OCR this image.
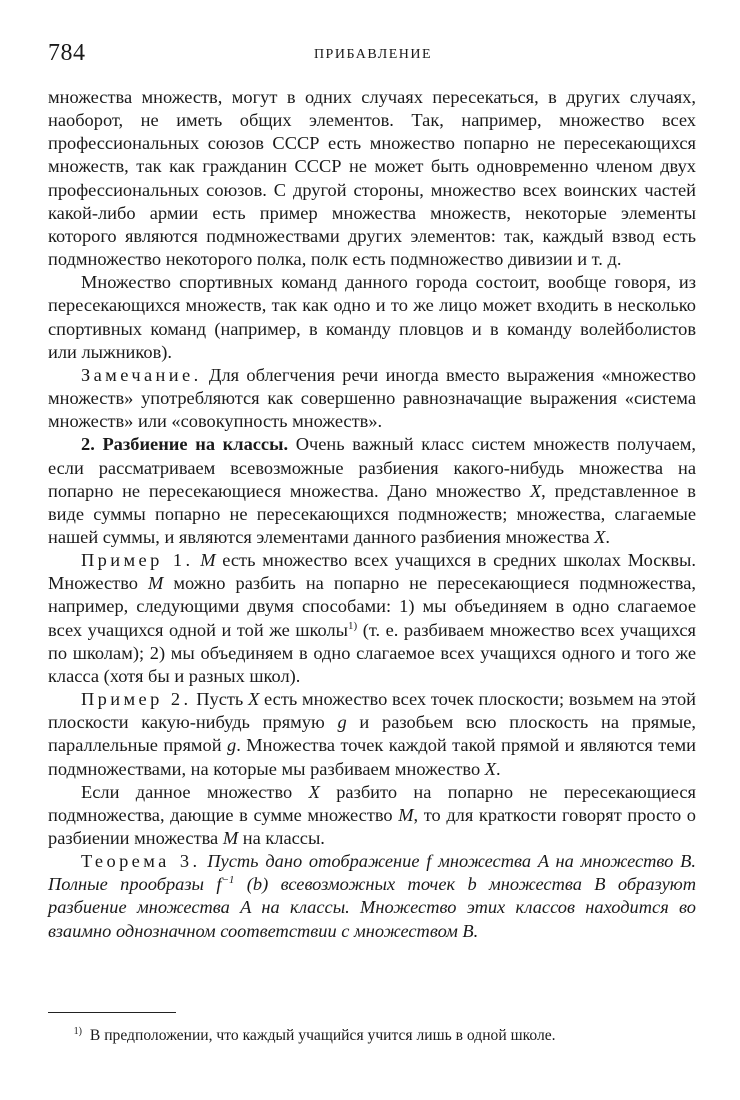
784	ПРИБАВЛЕНИЕ

множества множеств, могут в одних случаях пересекаться, в других случаях, наоборот, не иметь общих элементов. Так, например, множество всех профессиональных союзов СССР есть множество попарно не пересекающихся множеств, так как гражданин СССР не может быть одновременно членом двух профессиональных союзов. С другой стороны, множество всех воинских частей какой-либо армии есть пример множества множеств, некоторые элементы которого являются подмножествами других элементов: так, каждый взвод есть подмножество некоторого полка, полк есть подмножество дивизии и т. д.

Множество спортивных команд данного города состоит, вообще говоря, из пересекающихся множеств, так как одно и то же лицо может входить в несколько спортивных команд (например, в команду пловцов и в команду волейболистов или лыжников).

Замечание. Для облегчения речи иногда вместо выражения «множество множеств» употребляются как совершенно равнозначащие выражения «система множеств» или «совокупность множеств».

2. Разбиение на классы. Очень важный класс систем множеств получаем, если рассматриваем всевозможные разбиения какого-нибудь множества на попарно не пересекающиеся множества. Дано множество X, представленное в виде суммы попарно не пересекающихся подмножеств; множества, слагаемые нашей суммы, и являются элементами данного разбиения множества X.

Пример 1. M есть множество всех учащихся в средних школах Москвы. Множество M можно разбить на попарно не пересекающиеся подмножества, например, следующими двумя способами: 1) мы объединяем в одно слагаемое всех учащихся одной и той же школы$^{1)}$ (т. е. разбиваем множество всех учащихся по школам); 2) мы объединяем в одно слагаемое всех учащихся одного и того же класса (хотя бы и разных школ).

Пример 2. Пусть X есть множество всех точек плоскости; возьмем на этой плоскости какую-нибудь прямую g и разобьем всю плоскость на прямые, параллельные прямой g. Множества точек каждой такой прямой и являются теми подмножествами, на которые мы разбиваем множество X.

Если данное множество X разбито на попарно не пересекающиеся подмножества, дающие в сумме множество M, то для краткости говорят просто о разбиении множества M на классы.

Теорема 3. Пусть дано отображение f множества A на множество B. Полные прообразы $f^{-1}$ (b) всевозможных точек b множества B образуют разбиение множества A на классы. Множество этих классов находится во взаимно однозначном соответствии с множеством B.

$^{1)}$ В предположении, что каждый учащийся учится лишь в одной школе.
